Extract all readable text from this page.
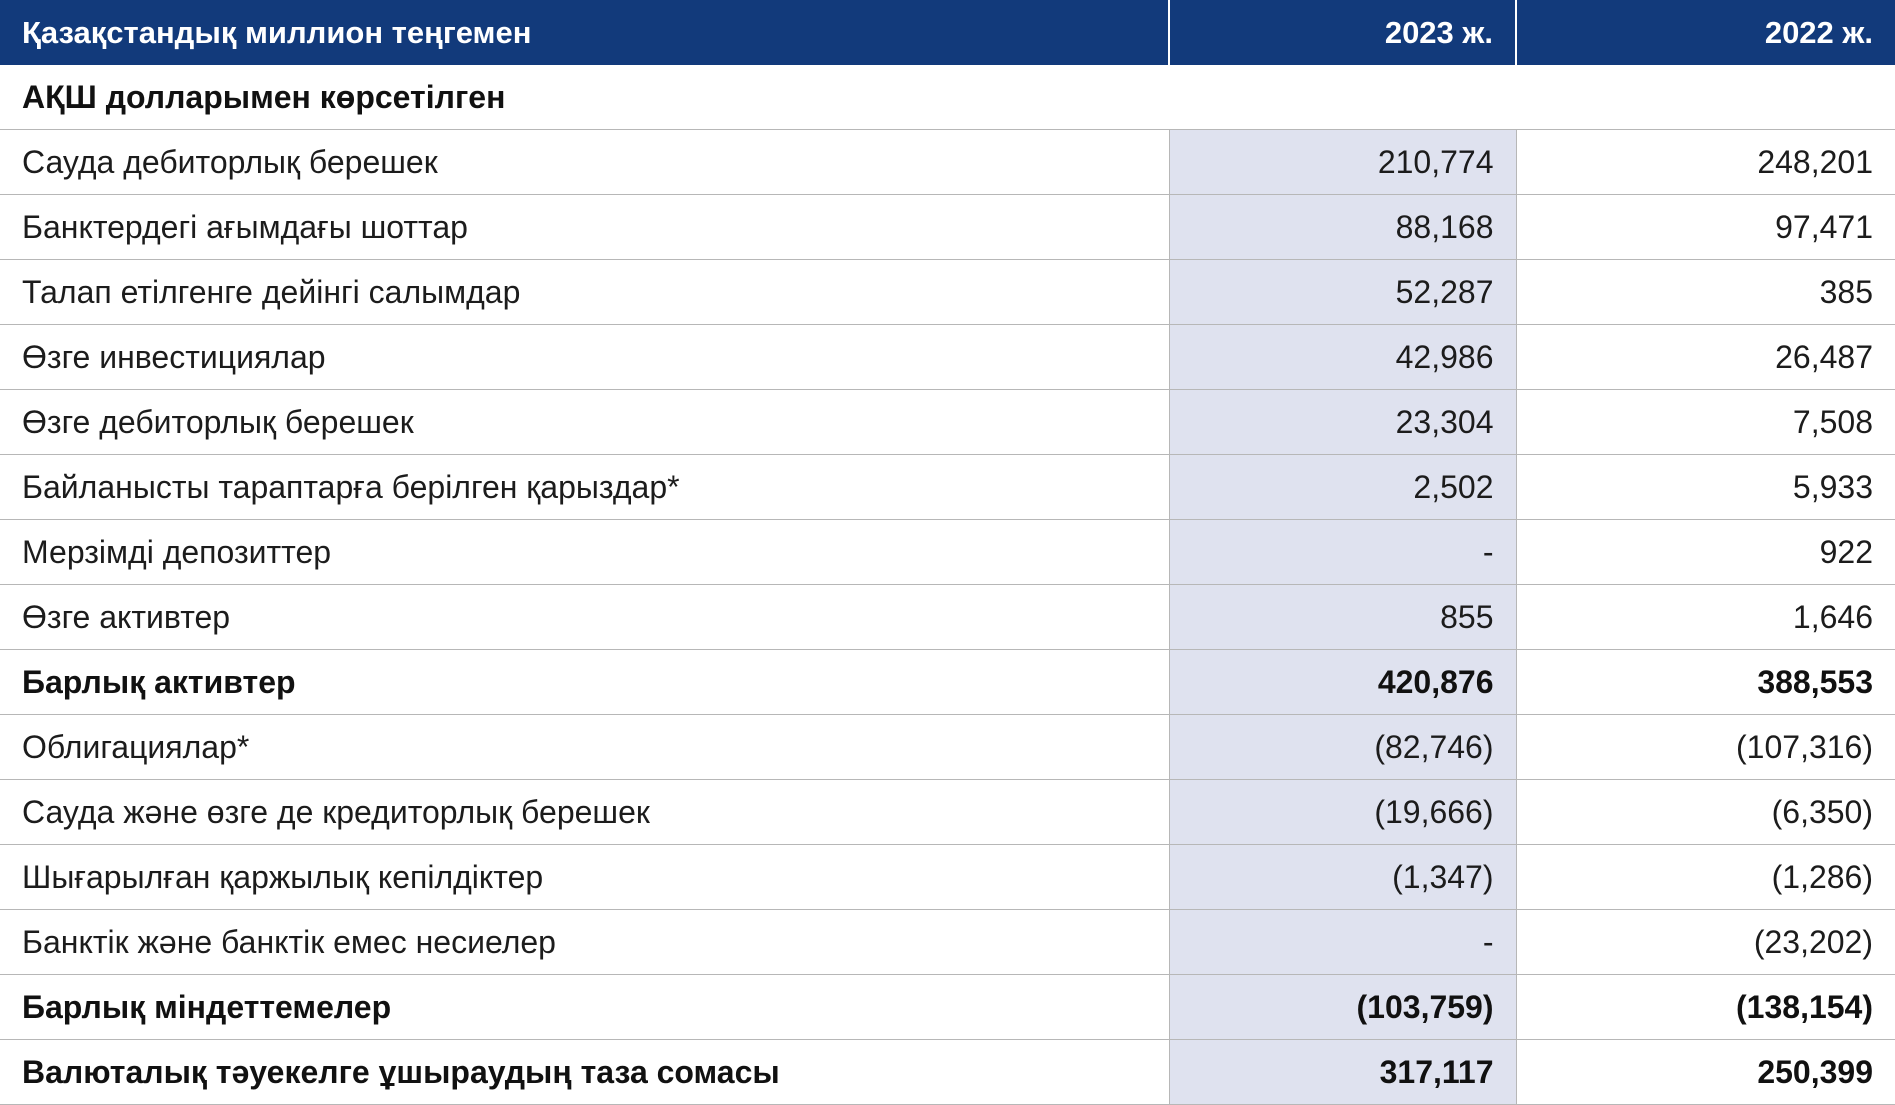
Қазақстандық миллион теңгемен	2023 ж.	2022 ж.
АҚШ долларымен көрсетілген		
Сауда дебиторлық берешек	210,774	248,201
Банктердегі ағымдағы шоттар	88,168	97,471
Талап етілгенге дейінгі салымдар	52,287	385
Өзге инвестициялар	42,986	26,487
Өзге дебиторлық берешек	23,304	7,508
Байланысты тараптарға берілген қарыздар*	2,502	5,933
Мерзімді депозиттер	-	922
Өзге активтер	855	1,646
Барлық активтер	420,876	388,553
Облигациялар*	(82,746)	(107,316)
Сауда және өзге де кредиторлық берешек	(19,666)	(6,350)
Шығарылған қаржылық кепілдіктер	(1,347)	(1,286)
Банктік және банктік емес несиелер	-	(23,202)
Барлық міндеттемелер	(103,759)	(138,154)
Валюталық тәуекелге ұшыраудың таза сомасы	317,117	250,399
